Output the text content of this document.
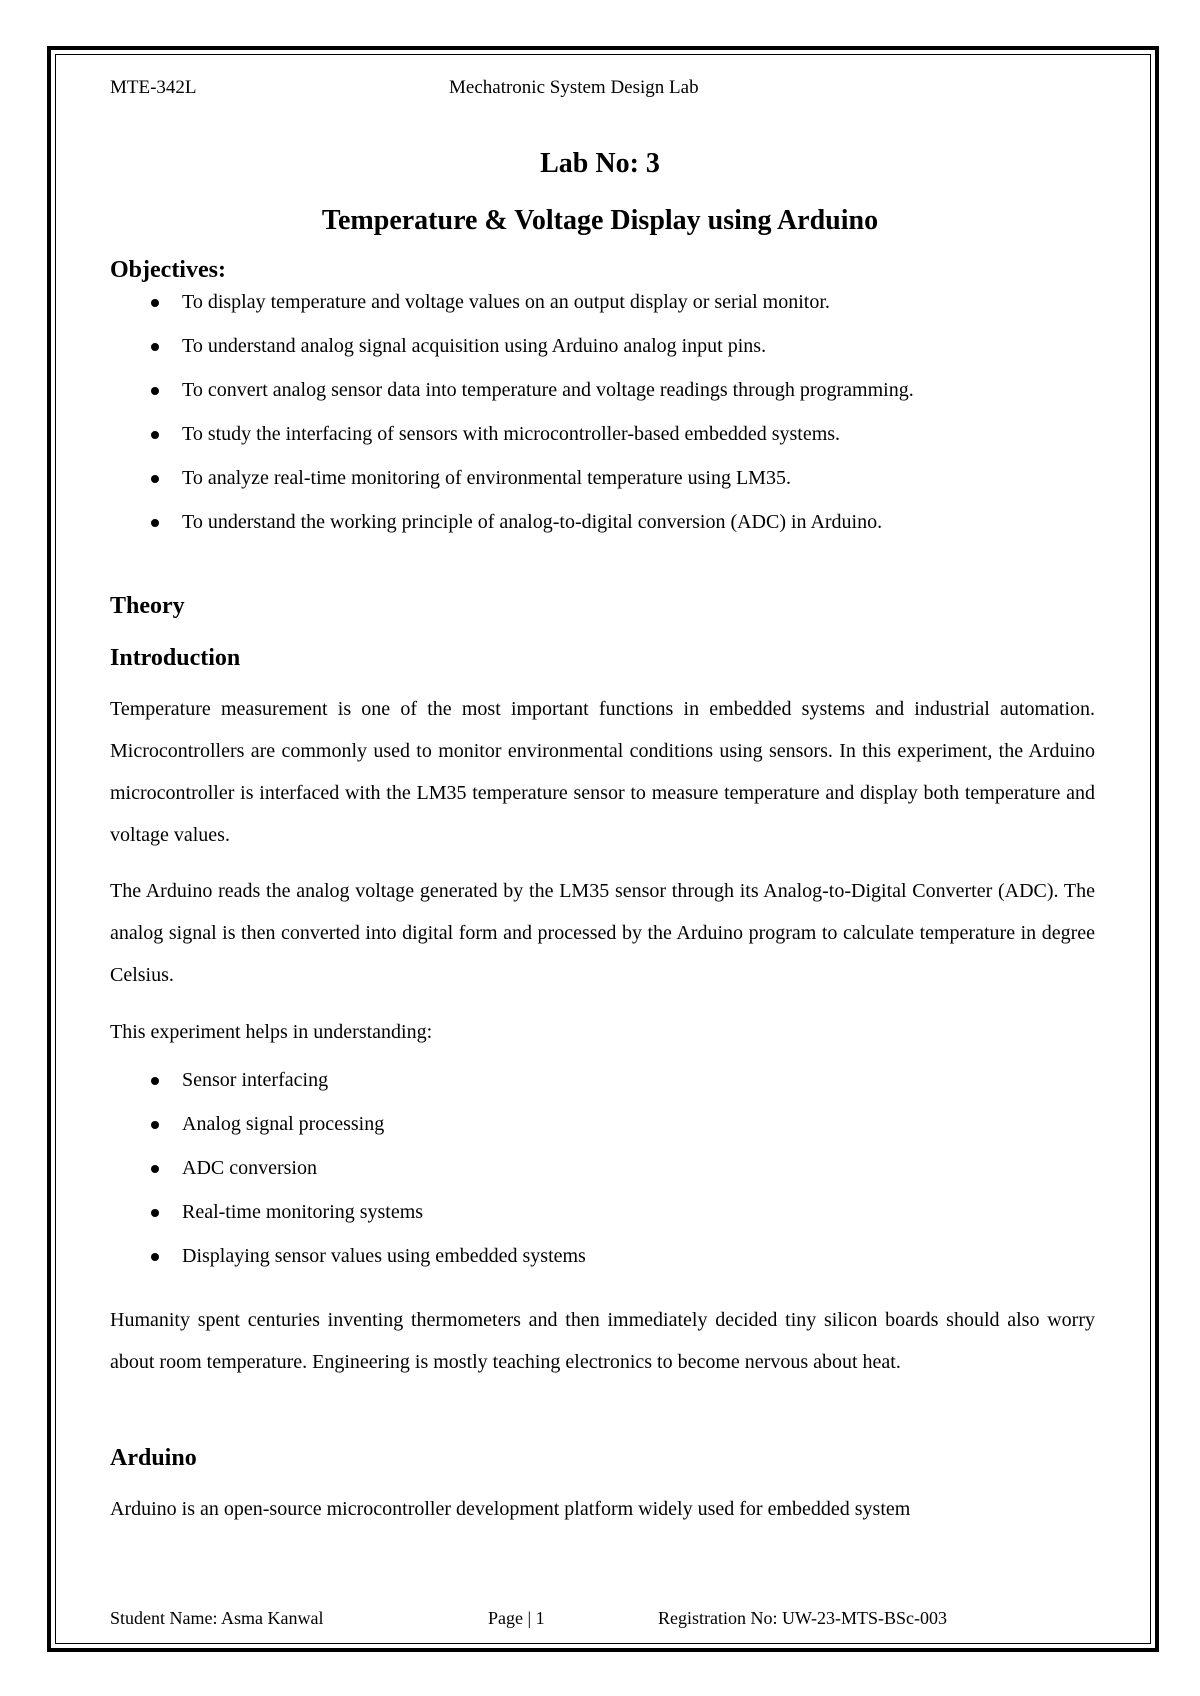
MTE-342L	Mechatronic System Design Lab
Lab No: 3
Temperature & Voltage Display using Arduino
Objectives:
To display temperature and voltage values on an output display or serial monitor.
To understand analog signal acquisition using Arduino analog input pins.
To convert analog sensor data into temperature and voltage readings through programming.
To study the interfacing of sensors with microcontroller-based embedded systems.
To analyze real-time monitoring of environmental temperature using LM35.
To understand the working principle of analog-to-digital conversion (ADC) in Arduino.
Theory
Introduction
Temperature measurement is one of the most important functions in embedded systems and industrial automation. Microcontrollers are commonly used to monitor environmental conditions using sensors. In this experiment, the Arduino microcontroller is interfaced with the LM35 temperature sensor to measure temperature and display both temperature and voltage values.
The Arduino reads the analog voltage generated by the LM35 sensor through its Analog-to-Digital Converter (ADC). The analog signal is then converted into digital form and processed by the Arduino program to calculate temperature in degree Celsius.
This experiment helps in understanding:
Sensor interfacing
Analog signal processing
ADC conversion
Real-time monitoring systems
Displaying sensor values using embedded systems
Humanity spent centuries inventing thermometers and then immediately decided tiny silicon boards should also worry about room temperature. Engineering is mostly teaching electronics to become nervous about heat.
Arduino
Arduino is an open-source microcontroller development platform widely used for embedded system
Student Name: Asma Kanwal	Page | 1	Registration No: UW-23-MTS-BSc-003
